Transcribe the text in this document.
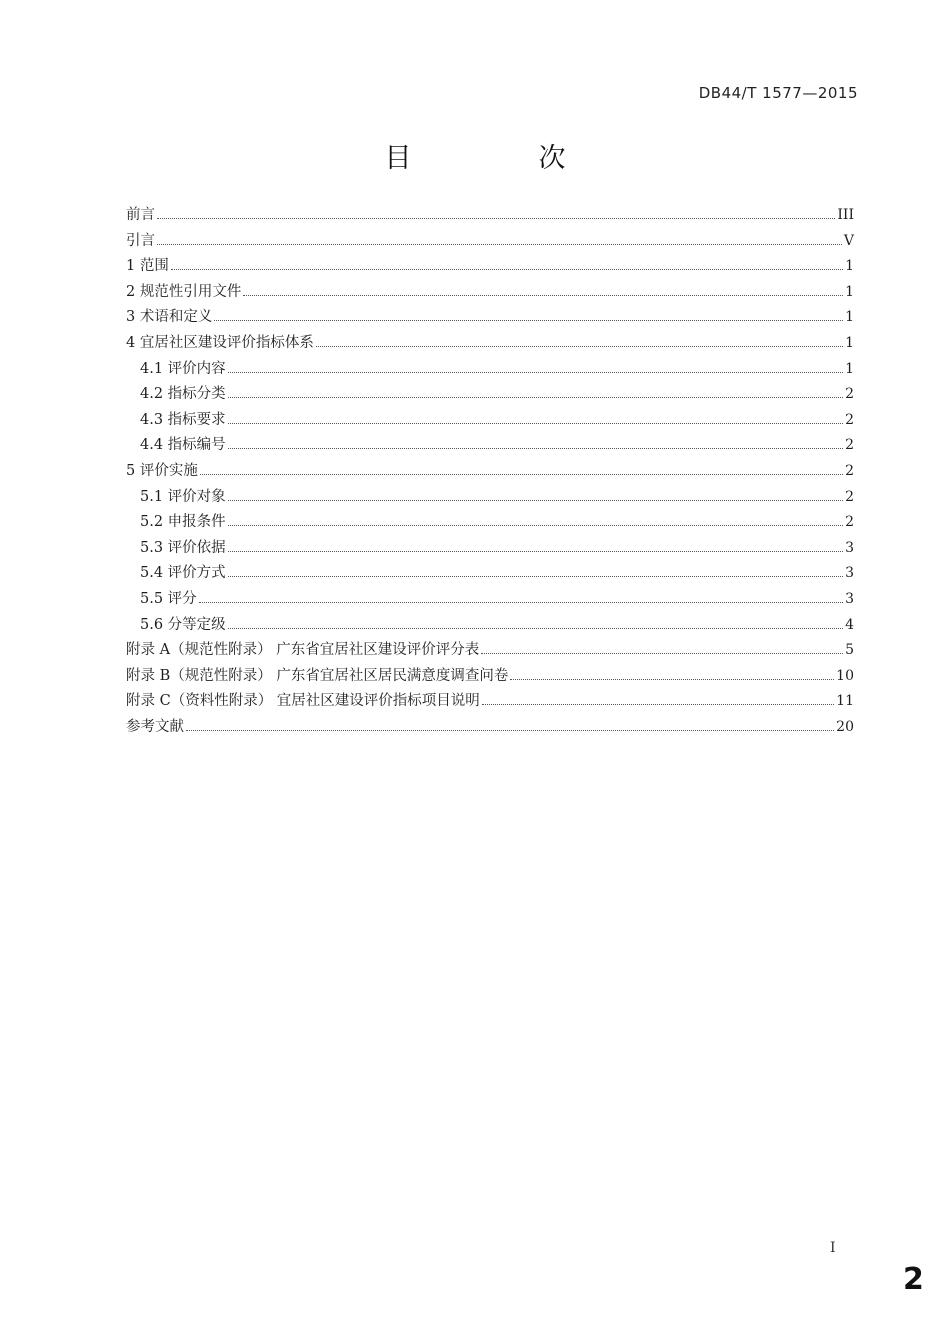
DB44/T 1577—2015
目　次
前言	III
引言	V
1 范围	1
2 规范性引用文件	1
3 术语和定义	1
4 宜居社区建设评价指标体系	1
4.1 评价内容	1
4.2 指标分类	2
4.3 指标要求	2
4.4 指标编号	2
5 评价实施	2
5.1 评价对象	2
5.2 申报条件	2
5.3 评价依据	3
5.4 评价方式	3
5.5 评分	3
5.6 分等定级	4
附录 A（规范性附录） 广东省宜居社区建设评价评分表	5
附录 B（规范性附录） 广东省宜居社区居民满意度调查问卷	10
附录 C（资料性附录） 宜居社区建设评价指标项目说明	11
参考文献	20
I
2
